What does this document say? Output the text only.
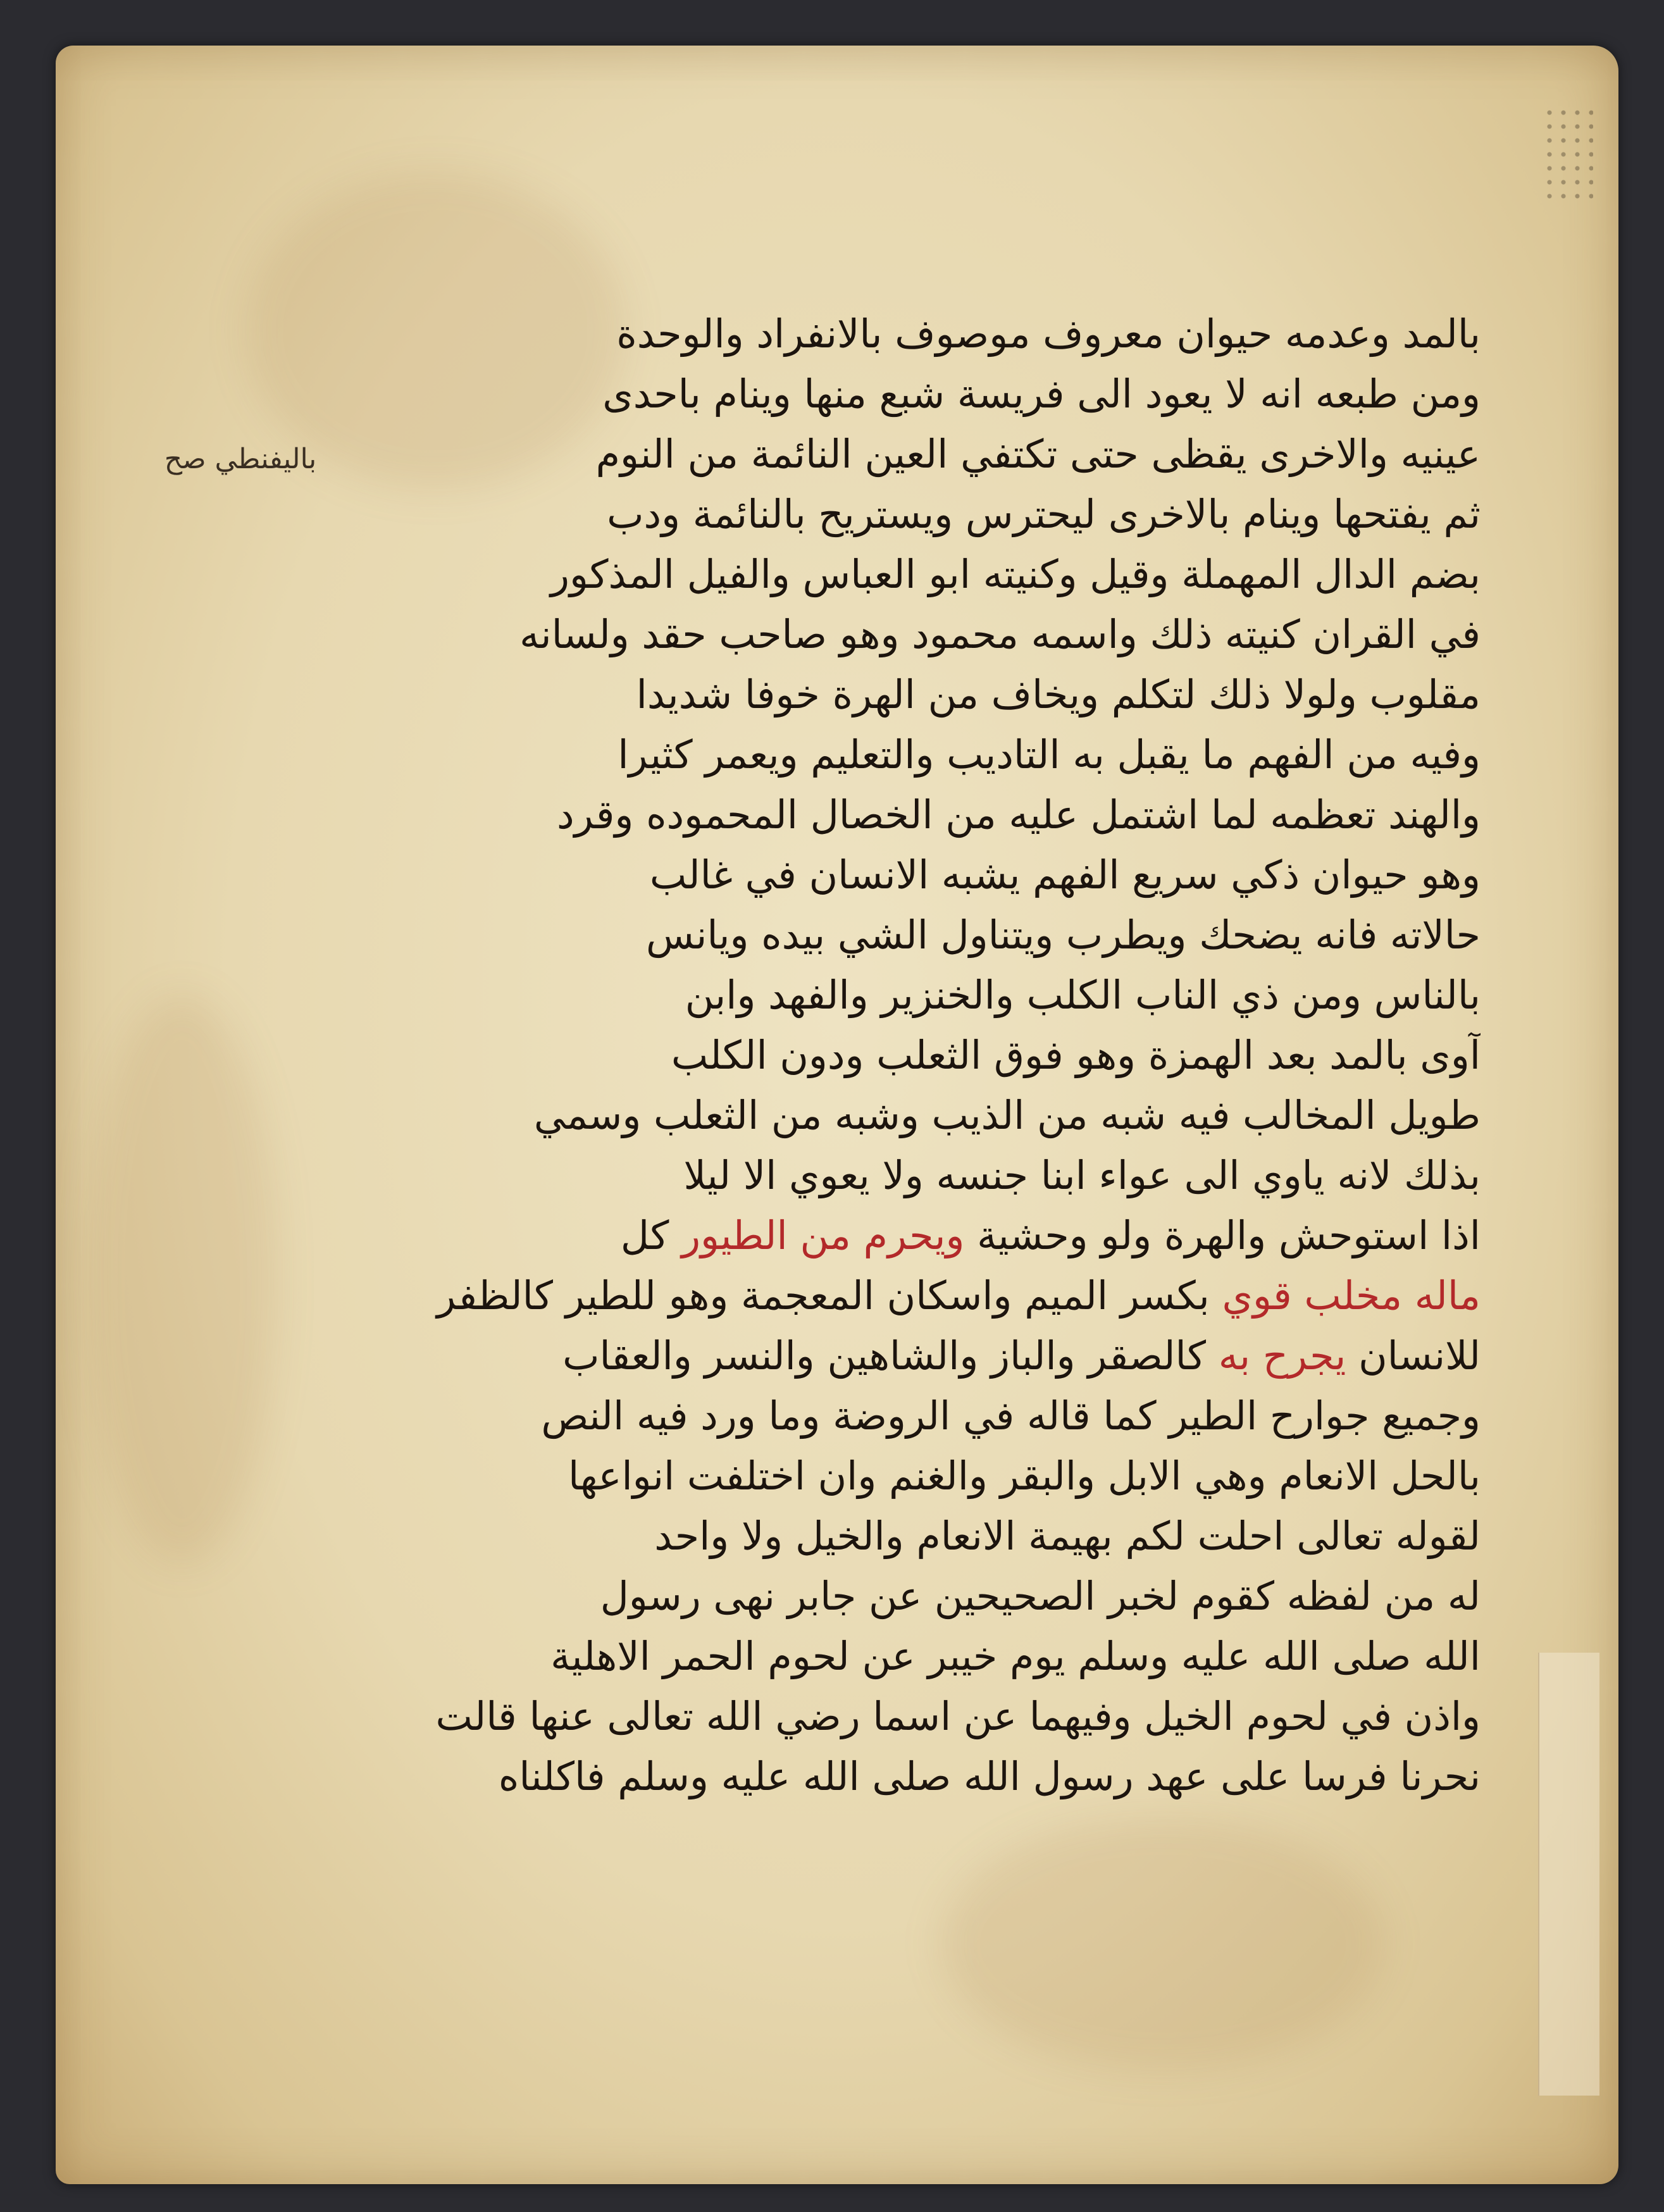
باليفنطي صح
بالمد وعدمه حيوان معروف موصوف بالانفراد والوحدة
ومن طبعه انه لا يعود الى فريسة شبع منها وينام باحدى
عينيه والاخرى يقظى حتى تكتفي العين النائمة من النوم
ثم يفتحها وينام بالاخرى ليحترس ويستريح بالنائمة ودب
بضم الدال المهملة وقيل وكنيته ابو العباس والفيل المذكور
في القران كنيته ذلك واسمه محمود وهو صاحب حقد ولسانه
مقلوب ولولا ذلك لتكلم ويخاف من الهرة خوفا شديدا
وفيه من الفهم ما يقبل به التاديب والتعليم ويعمر كثيرا
والهند تعظمه لما اشتمل عليه من الخصال المحموده وقرد
وهو حيوان ذكي سريع الفهم يشبه الانسان في غالب
حالاته فانه يضحك ويطرب ويتناول الشي بيده ويانس
بالناس ومن ذي الناب الكلب والخنزير والفهد وابن
آوى بالمد بعد الهمزة وهو فوق الثعلب ودون الكلب
طويل المخالب فيه شبه من الذيب وشبه من الثعلب وسمي
بذلك لانه ياوي الى عواء ابنا جنسه ولا يعوي الا ليلا
اذا استوحش والهرة ولو وحشية ويحرم من الطيور كل
ماله مخلب قوي بكسر الميم واسكان المعجمة وهو للطير كالظفر
للانسان يجرح به كالصقر والباز والشاهين والنسر والعقاب
وجميع جوارح الطير كما قاله في الروضة وما ورد فيه النص
بالحل الانعام وهي الابل والبقر والغنم وان اختلفت انواعها
لقوله تعالى احلت لكم بهيمة الانعام والخيل ولا واحد
له من لفظه كقوم لخبر الصحيحين عن جابر نهى رسول
الله صلى الله عليه وسلم يوم خيبر عن لحوم الحمر الاهلية
واذن في لحوم الخيل وفيهما عن اسما رضي الله تعالى عنها قالت
نحرنا فرسا على عهد رسول الله صلى الله عليه وسلم فاكلناه
